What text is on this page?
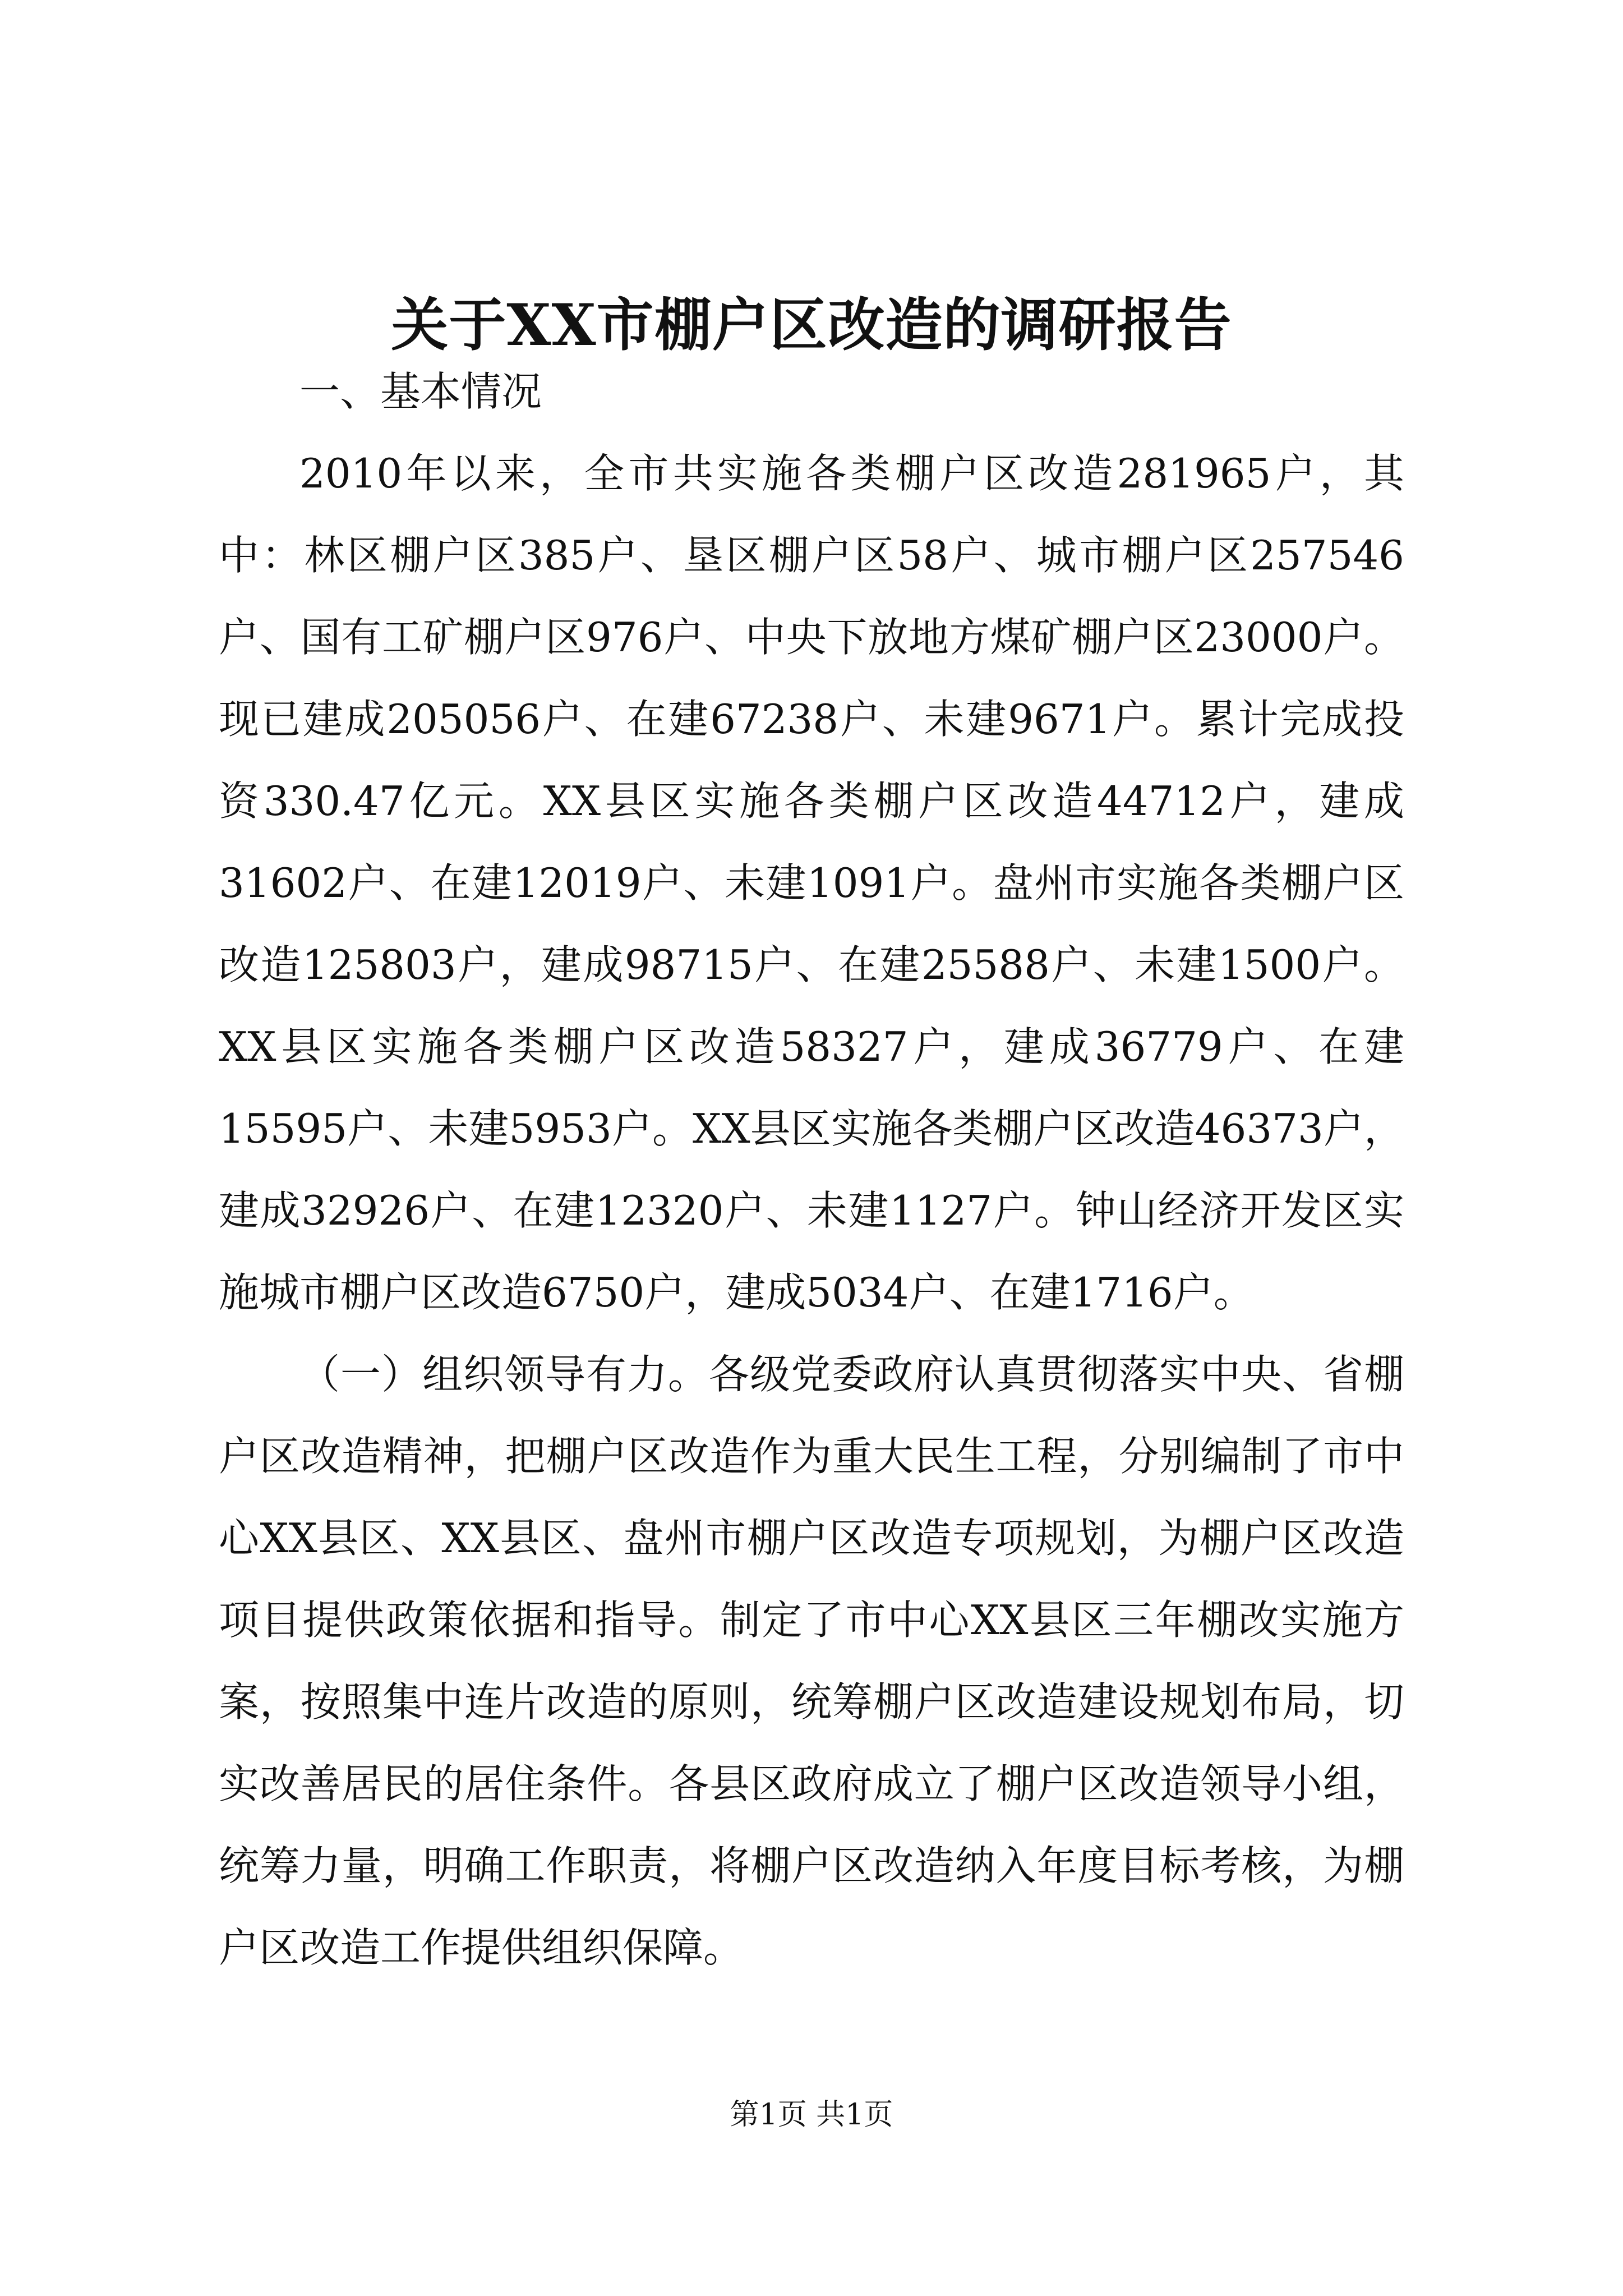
关于XX市棚户区改造的调研报告

一、基本情况

2010年以来，全市共实施各类棚户区改造281965户，其中：林区棚户区385户、垦区棚户区58户、城市棚户区257546户、国有工矿棚户区976户、中央下放地方煤矿棚户区23000户。现已建成205056户、在建67238户、未建9671户。累计完成投资330.47亿元。XX县区实施各类棚户区改造44712户，建成31602户、在建12019户、未建1091户。盘州市实施各类棚户区改造125803户，建成98715户、在建25588户、未建1500户。XX县区实施各类棚户区改造58327户，建成36779户、在建15595户、未建5953户。XX县区实施各类棚户区改造46373户，建成32926户、在建12320户、未建1127户。钟山经济开发区实施城市棚户区改造6750户，建成5034户、在建1716户。

（一）组织领导有力。各级党委政府认真贯彻落实中央、省棚户区改造精神，把棚户区改造作为重大民生工程，分别编制了市中心XX县区、XX县区、盘州市棚户区改造专项规划，为棚户区改造项目提供政策依据和指导。制定了市中心XX县区三年棚改实施方案，按照集中连片改造的原则，统筹棚户区改造建设规划布局，切实改善居民的居住条件。各县区政府成立了棚户区改造领导小组，统筹力量，明确工作职责，将棚户区改造纳入年度目标考核，为棚户区改造工作提供组织保障。

第1页 共1页
